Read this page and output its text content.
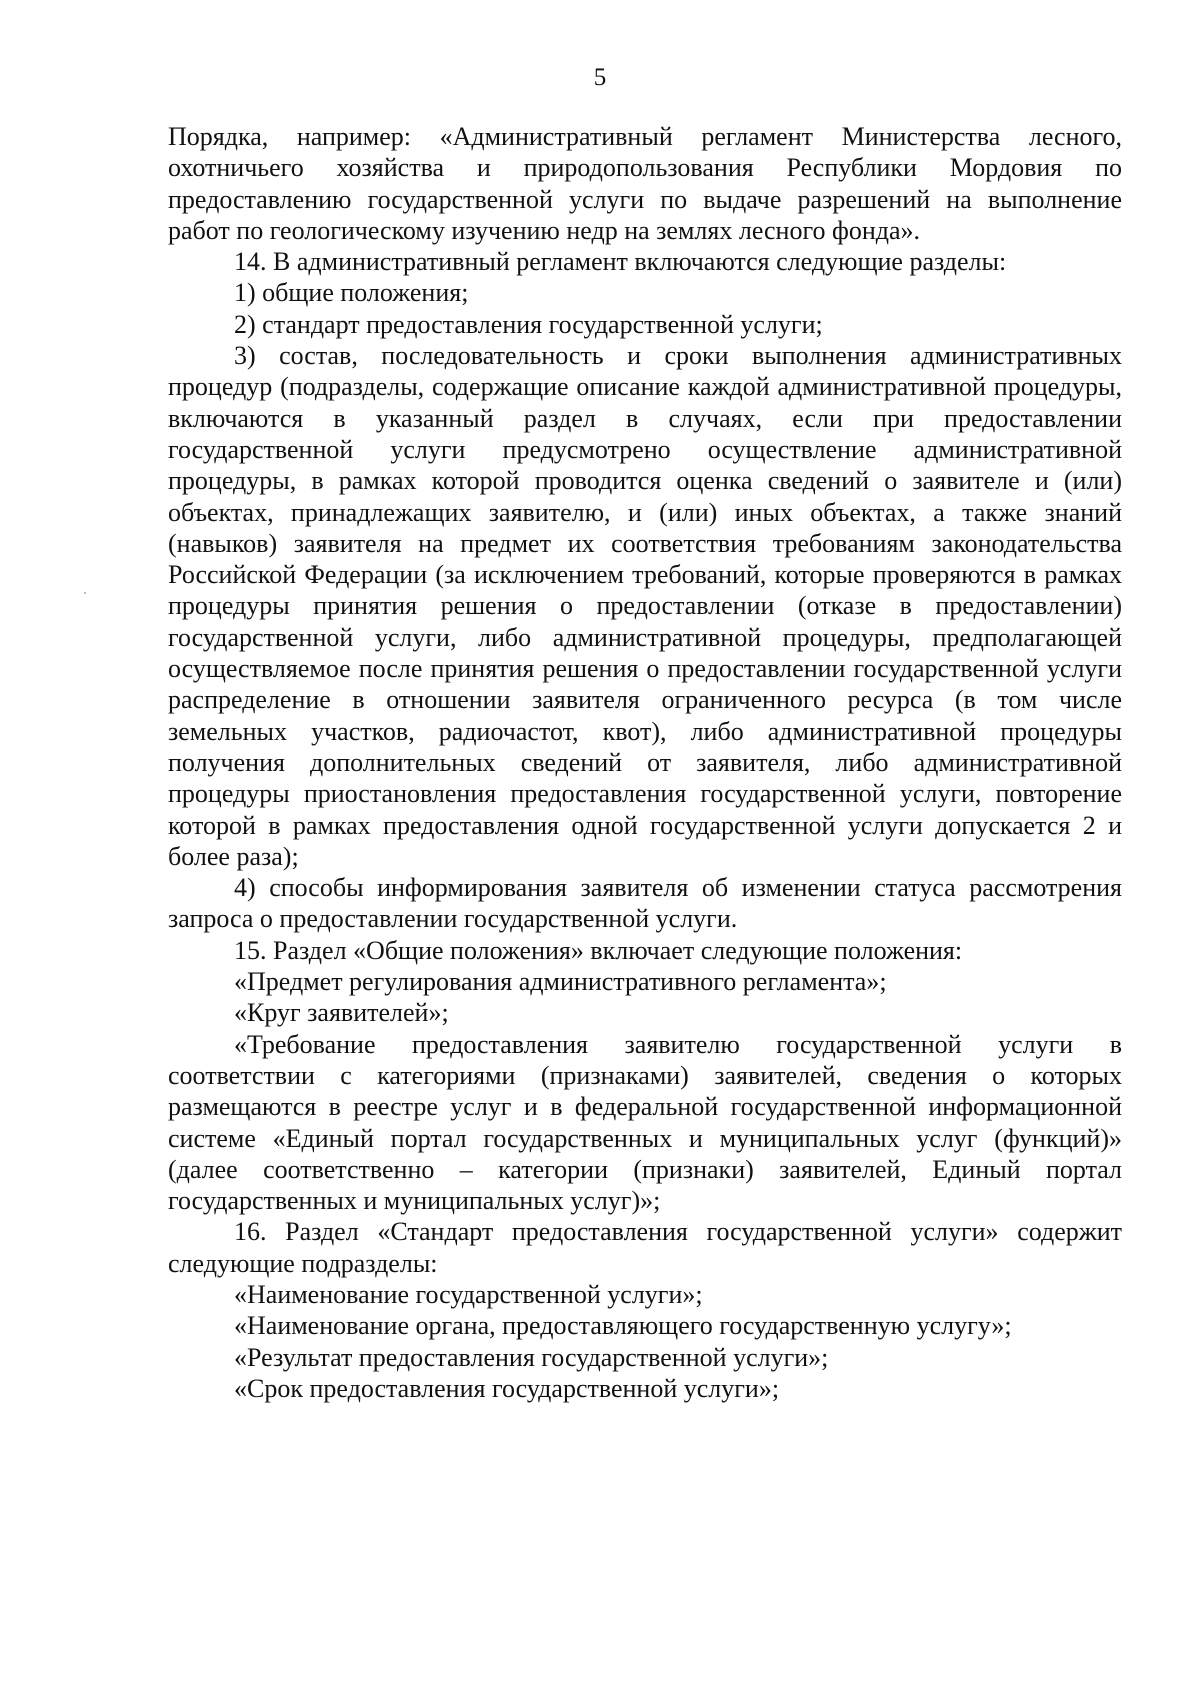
5

Порядка, например: «Административный регламент Министерства лесного, охотничьего хозяйства и природопользования Республики Мордовия по предоставлению государственной услуги по выдаче разрешений на выполнение работ по геологическому изучению недр на землях лесного фонда».

14. В административный регламент включаются следующие разделы:

1) общие положения;

2) стандарт предоставления государственной услуги;

3) состав, последовательность и сроки выполнения административных процедур (подразделы, содержащие описание каждой административной процедуры, включаются в указанный раздел в случаях, если при предоставлении государственной услуги предусмотрено осуществление административной процедуры, в рамках которой проводится оценка сведений о заявителе и (или) объектах, принадлежащих заявителю, и (или) иных объектах, а также знаний (навыков) заявителя на предмет их соответствия требованиям законодательства Российской Федерации (за исключением требований, которые проверяются в рамках процедуры принятия решения о предоставлении (отказе в предоставлении) государственной услуги, либо административной процедуры, предполагающей осуществляемое после принятия решения о предоставлении государственной услуги распределение в отношении заявителя ограниченного ресурса (в том числе земельных участков, радиочастот, квот), либо административной процедуры получения дополнительных сведений от заявителя, либо административной процедуры приостановления предоставления государственной услуги, повторение которой в рамках предоставления одной государственной услуги допускается 2 и более раза);

4) способы информирования заявителя об изменении статуса рассмотрения запроса о предоставлении государственной услуги.

15. Раздел «Общие положения» включает следующие положения:

«Предмет регулирования административного регламента»;

«Круг заявителей»;

«Требование предоставления заявителю государственной услуги в соответствии с категориями (признаками) заявителей, сведения о которых размещаются в реестре услуг и в федеральной государственной информационной системе «Единый портал государственных и муниципальных услуг (функций)» (далее соответственно – категории (признаки) заявителей, Единый портал государственных и муниципальных услуг)»;

16. Раздел «Стандарт предоставления государственной услуги» содержит следующие подразделы:

«Наименование государственной услуги»;

«Наименование органа, предоставляющего государственную услугу»;

«Результат предоставления государственной услуги»;

«Срок предоставления государственной услуги»;
